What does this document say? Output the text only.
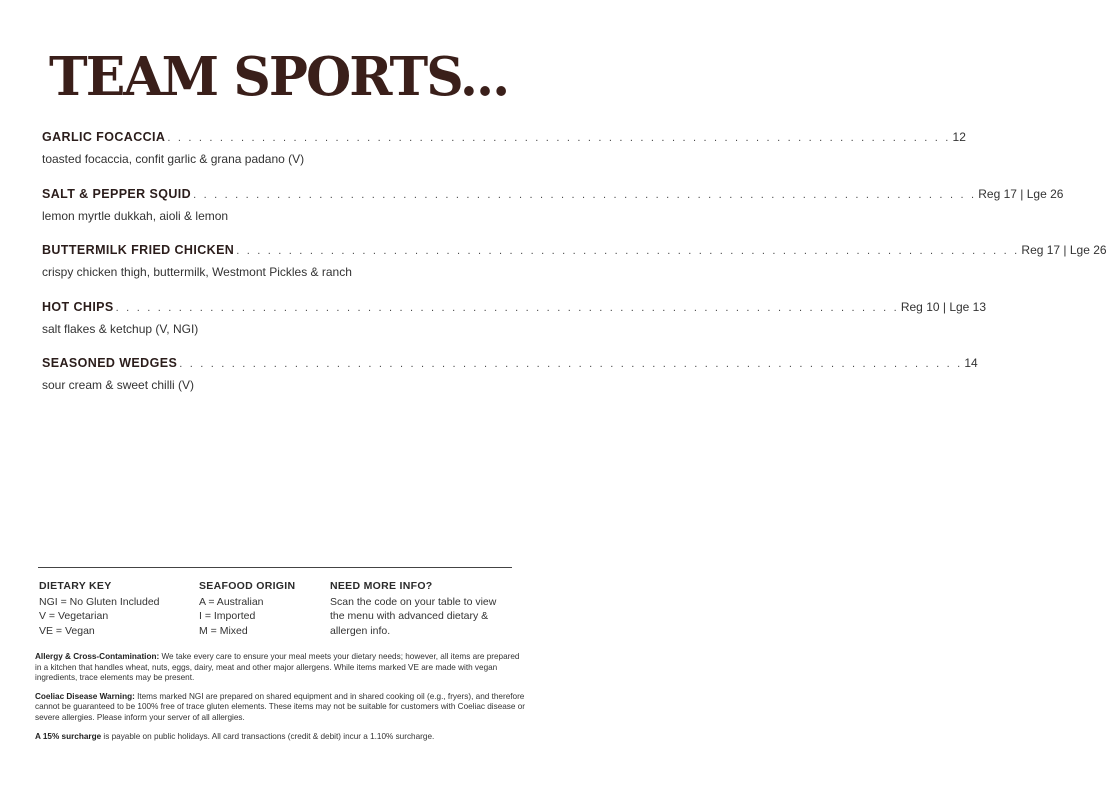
TEAM SPORTS...
GARLIC FOCACCIA . . . . . . . . . . . . . . . . . . . . . . . . . . . . . . . . . . . . . . . . . . . . . . . . . . . . . . . . . . . . . . . . . . . . . . . . . . . 12
toasted focaccia, confit garlic & grana padano (V)
SALT & PEPPER SQUID . . . . . . . . . . . . . . . . . . . . . . . . . . . . . . . . . . . . . . . . . . . . . . . . . . . . . . . . . . . . . . . . . . . . . . . . . . . Reg 17 | Lge 26
lemon myrtle dukkah, aioli & lemon
BUTTERMILK FRIED CHICKEN . . . . . . . . . . . . . . . . . . . . . . . . . . . . . . . . . . . . . . . . . . . . . . . . . . . . . . . . . . . . . . . . . . . . . . . . . . . Reg 17 | Lge 26
crispy chicken thigh, buttermilk, Westmont Pickles & ranch
HOT CHIPS . . . . . . . . . . . . . . . . . . . . . . . . . . . . . . . . . . . . . . . . . . . . . . . . . . . . . . . . . . . . . . . . . . . . . . . . . . . Reg 10 | Lge 13
salt flakes & ketchup (V, NGI)
SEASONED WEDGES . . . . . . . . . . . . . . . . . . . . . . . . . . . . . . . . . . . . . . . . . . . . . . . . . . . . . . . . . . . . . . . . . . . . . . . . . . . 14
sour cream & sweet chilli (V)
DIETARY KEY
NGI = No Gluten Included
V = Vegetarian
VE = Vegan
SEAFOOD ORIGIN
A = Australian
I = Imported
M = Mixed
NEED MORE INFO?
Scan the code on your table to view
the menu with advanced dietary &
allergen info.

Allergy & Cross-Contamination: We take every care to ensure your meal meets your dietary needs; however, all items are prepared in a kitchen that handles wheat, nuts, eggs, dairy, meat and other major allergens. While items marked VE are made with vegan ingredients, trace elements may be present.

Coeliac Disease Warning: Items marked NGI are prepared on shared equipment and in shared cooking oil (e.g., fryers), and therefore cannot be guaranteed to be 100% free of trace gluten elements. These items may not be suitable for customers with Coeliac disease or severe allergies. Please inform your server of all allergies.

A 15% surcharge is payable on public holidays. All card transactions (credit & debit) incur a 1.10% surcharge.
